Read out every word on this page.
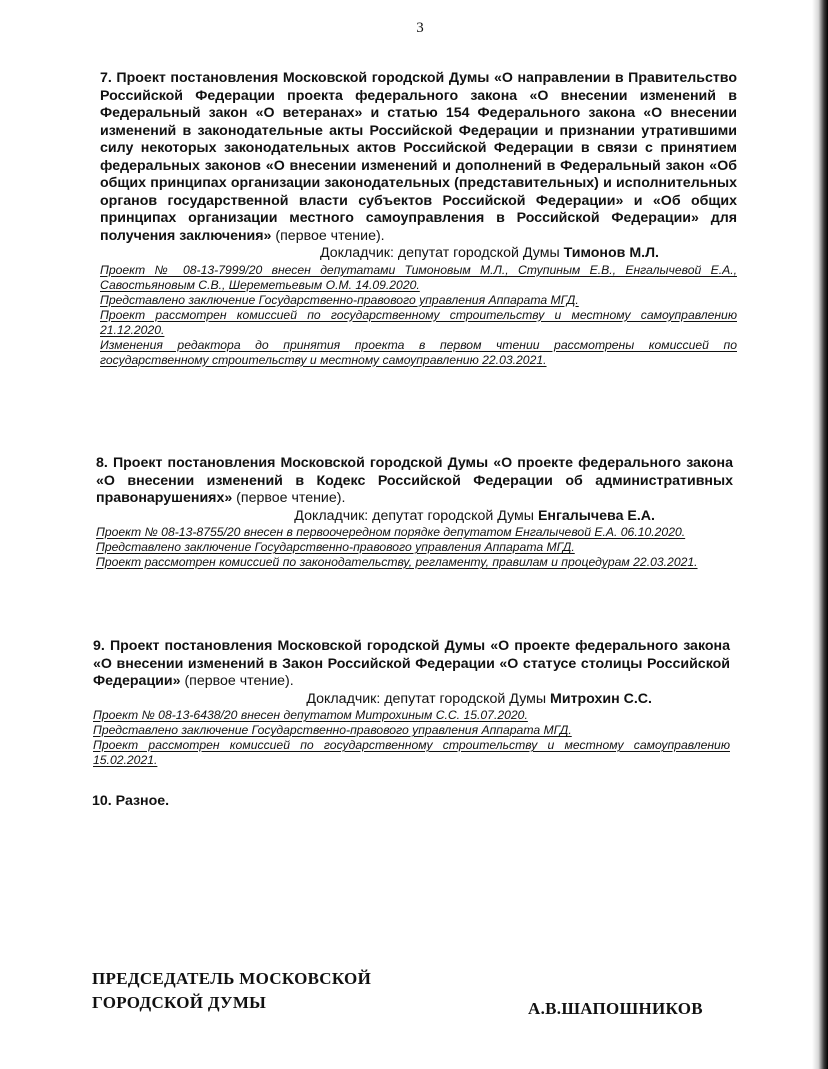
3
7. Проект постановления Московской городской Думы «О направлении в Правительство Российской Федерации проекта федерального закона «О внесении изменений в Федеральный закон «О ветеранах» и статью 154 Федерального закона «О внесении изменений в законодательные акты Российской Федерации и признании утратившими силу некоторых законодательных актов Российской Федерации в связи с принятием федеральных законов «О внесении изменений и дополнений в Федеральный закон «Об общих принципах организации законодательных (представительных) и исполнительных органов государственной власти субъектов Российской Федерации» и «Об общих принципах организации местного самоуправления в Российской Федерации» для получения заключения» (первое чтение).
Докладчик: депутат городской Думы Тимонов М.Л.

Проект № 08-13-7999/20 внесен депутатами Тимоновым М.Л., Ступиным Е.В., Енгалычевой Е.А., Савостьяновым С.В., Шереметьевым О.М. 14.09.2020.

Представлено заключение Государственно-правового управления Аппарата МГД.

Проект рассмотрен комиссией по государственному строительству и местному самоуправлению 21.12.2020.

Изменения редактора до принятия проекта в первом чтении рассмотрены комиссией по государственному строительству и местному самоуправлению 22.03.2021.

8. Проект постановления Московской городской Думы «О проекте федерального закона «О внесении изменений в Кодекс Российской Федерации об административных правонарушениях» (первое чтение).
Докладчик: депутат городской Думы Енгалычева Е.А.

Проект № 08-13-8755/20 внесен в первоочередном порядке депутатом Енгалычевой Е.А. 06.10.2020.

Представлено заключение Государственно-правового управления Аппарата МГД.

Проект рассмотрен комиссией по законодательству, регламенту, правилам и процедурам 22.03.2021.

9. Проект постановления Московской городской Думы «О проекте федерального закона «О внесении изменений в Закон Российской Федерации «О статусе столицы Российской Федерации» (первое чтение).
Докладчик: депутат городской Думы Митрохин С.С.

Проект № 08-13-6438/20 внесен депутатом Митрохиным С.С. 15.07.2020.

Представлено заключение Государственно-правового управления Аппарата МГД.

Проект рассмотрен комиссией по государственному строительству и местному самоуправлению 15.02.2021.

10. Разное.
ПРЕДСЕДАТЕЛЬ МОСКОВСКОЙ
ГОРОДСКОЙ ДУМЫ	А.В.ШАПОШНИКОВ
